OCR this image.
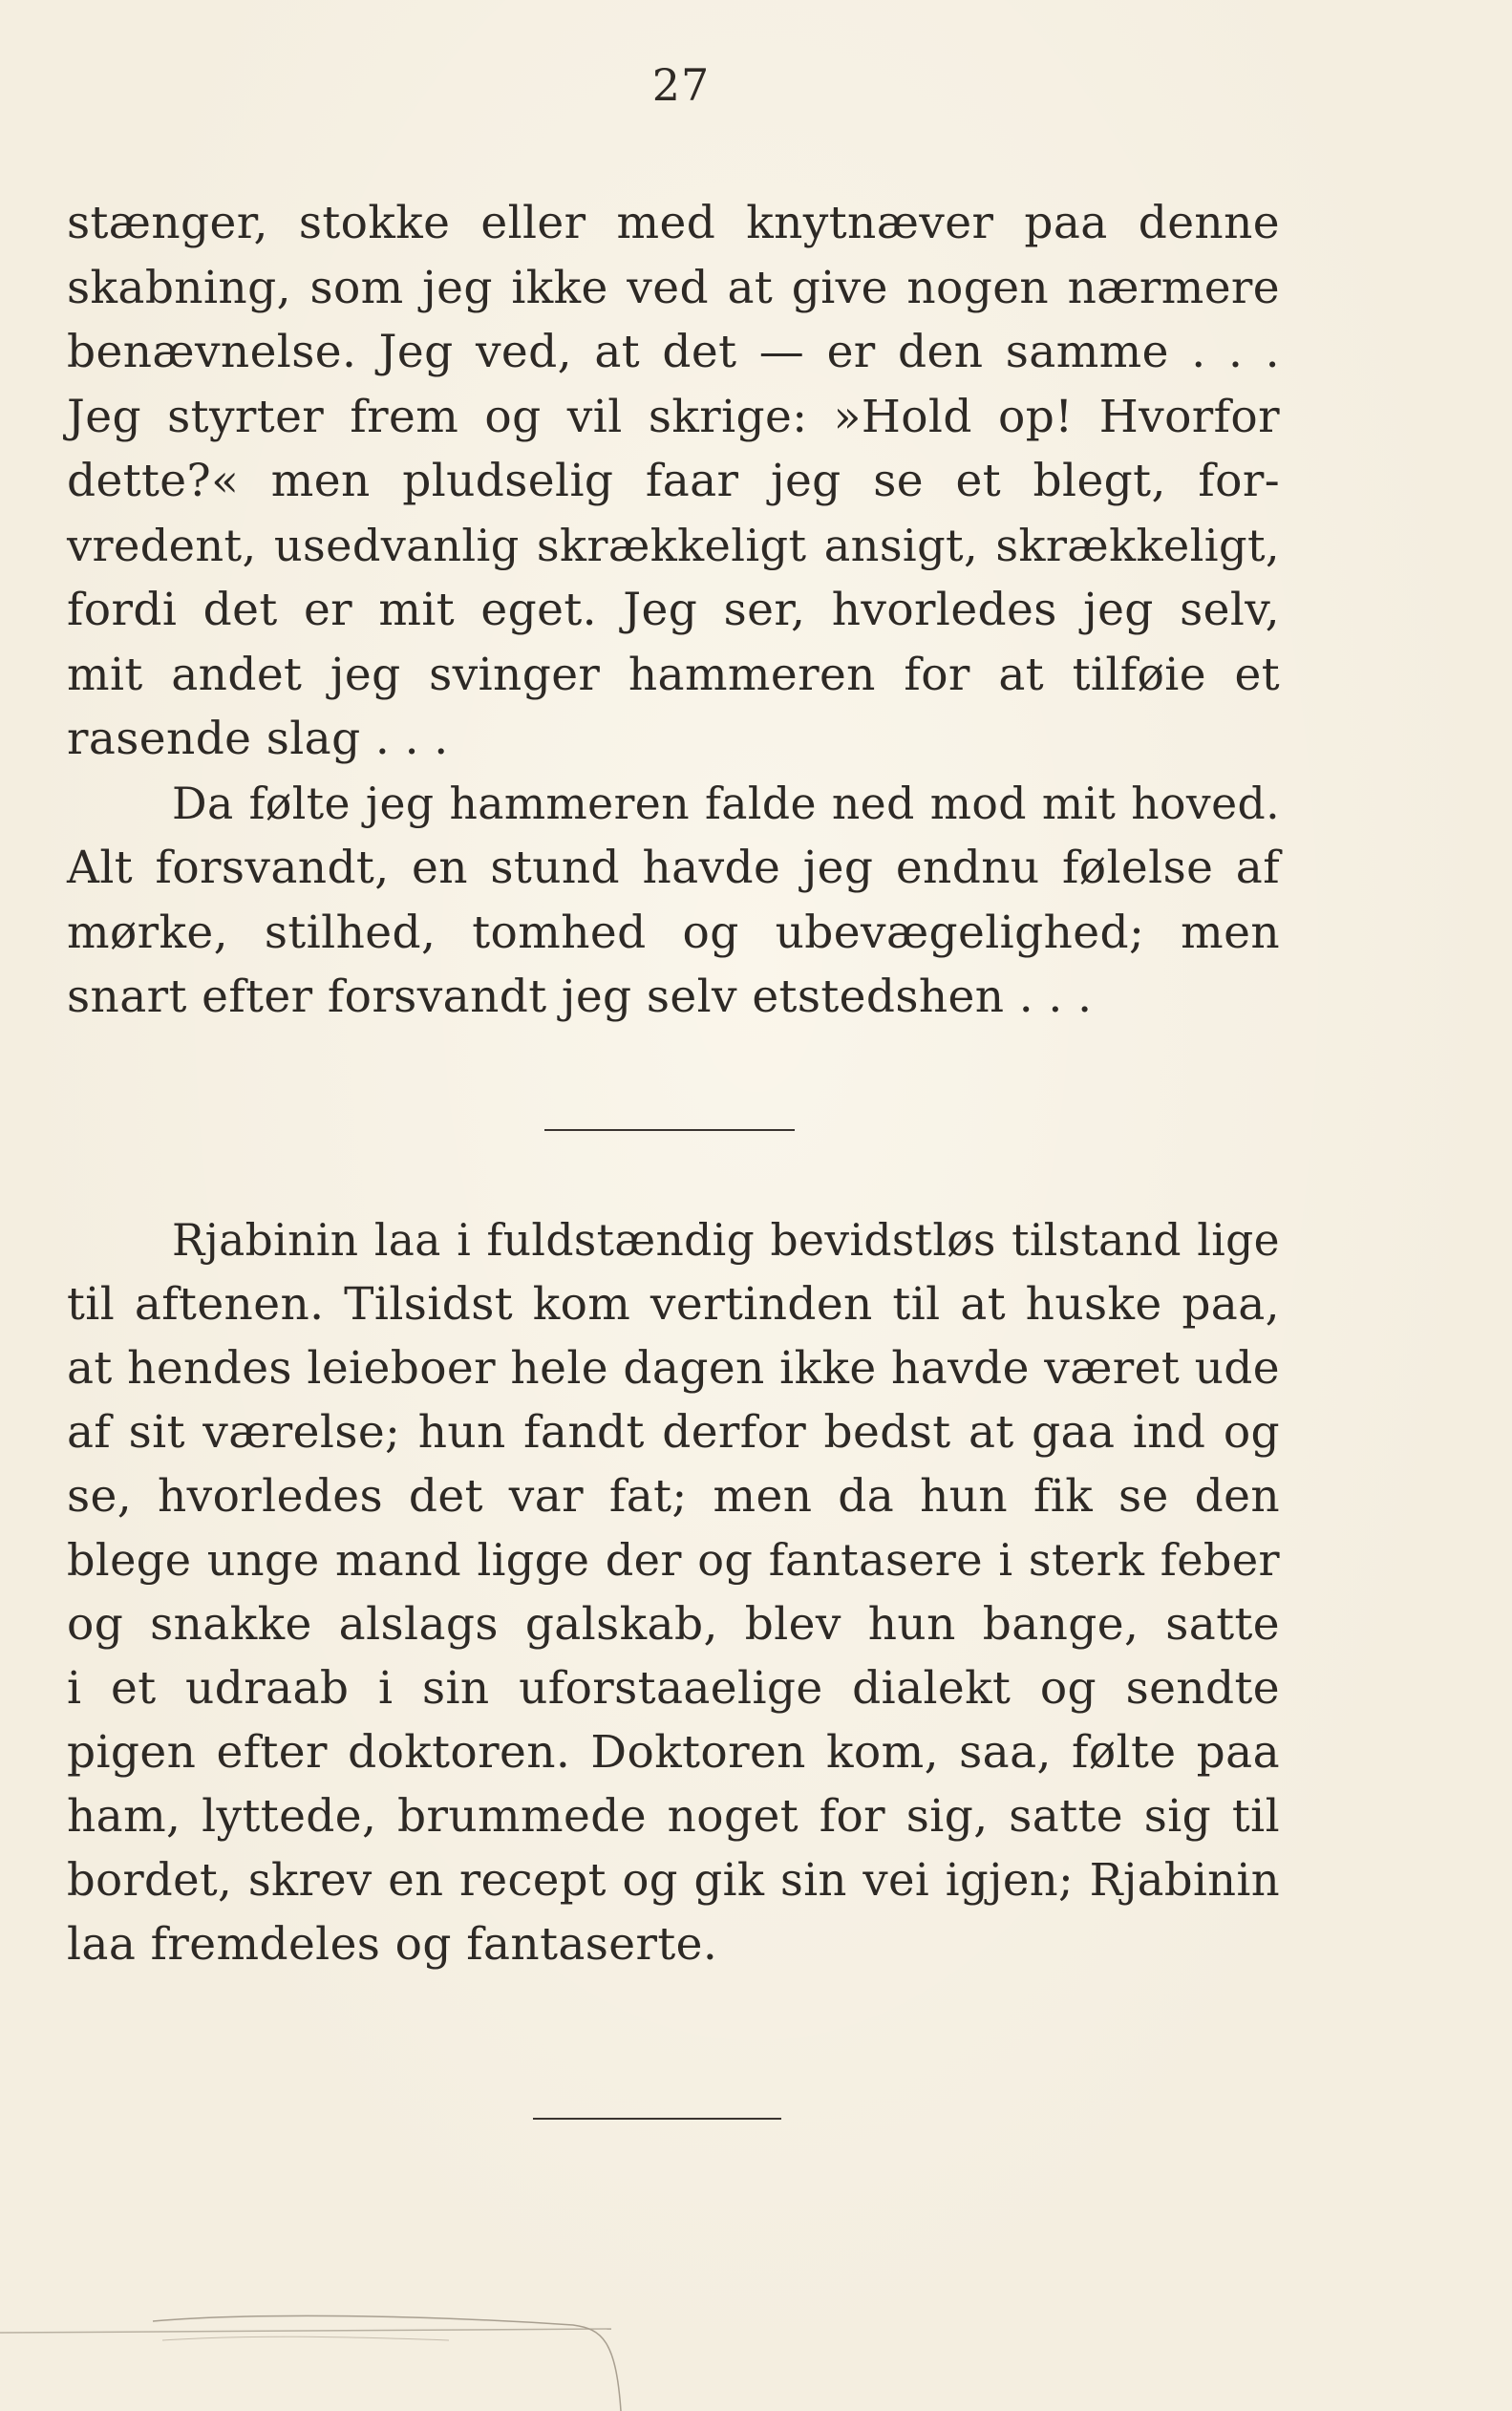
27
stænger, stokke eller med knytnæver paa denne
skabning, som jeg ikke ved at give nogen nærmere
benævnelse. Jeg ved, at det — er den samme . . .
Jeg styrter frem og vil skrige: »Hold op! Hvorfor
dette?« men pludselig faar jeg se et blegt, for-
vredent, usedvanlig skrækkeligt ansigt, skrækkeligt,
fordi det er mit eget. Jeg ser, hvorledes jeg selv,
mit andet jeg svinger hammeren for at tilføie et
rasende slag . . .
Da følte jeg hammeren falde ned mod mit hoved.
Alt forsvandt, en stund havde jeg endnu følelse af
mørke, stilhed, tomhed og ubevægelighed; men
snart efter forsvandt jeg selv etstedshen . . .
Rjabinin laa i fuldstændig bevidstløs tilstand lige
til aftenen. Tilsidst kom vertinden til at huske paa,
at hendes leieboer hele dagen ikke havde været ude
af sit værelse; hun fandt derfor bedst at gaa ind og
se, hvorledes det var fat; men da hun fik se den
blege unge mand ligge der og fantasere i sterk feber
og snakke alslags galskab, blev hun bange, satte
i et udraab i sin uforstaaelige dialekt og sendte
pigen efter doktoren. Doktoren kom, saa, følte paa
ham, lyttede, brummede noget for sig, satte sig til
bordet, skrev en recept og gik sin vei igjen; Rjabinin
laa fremdeles og fantaserte.
